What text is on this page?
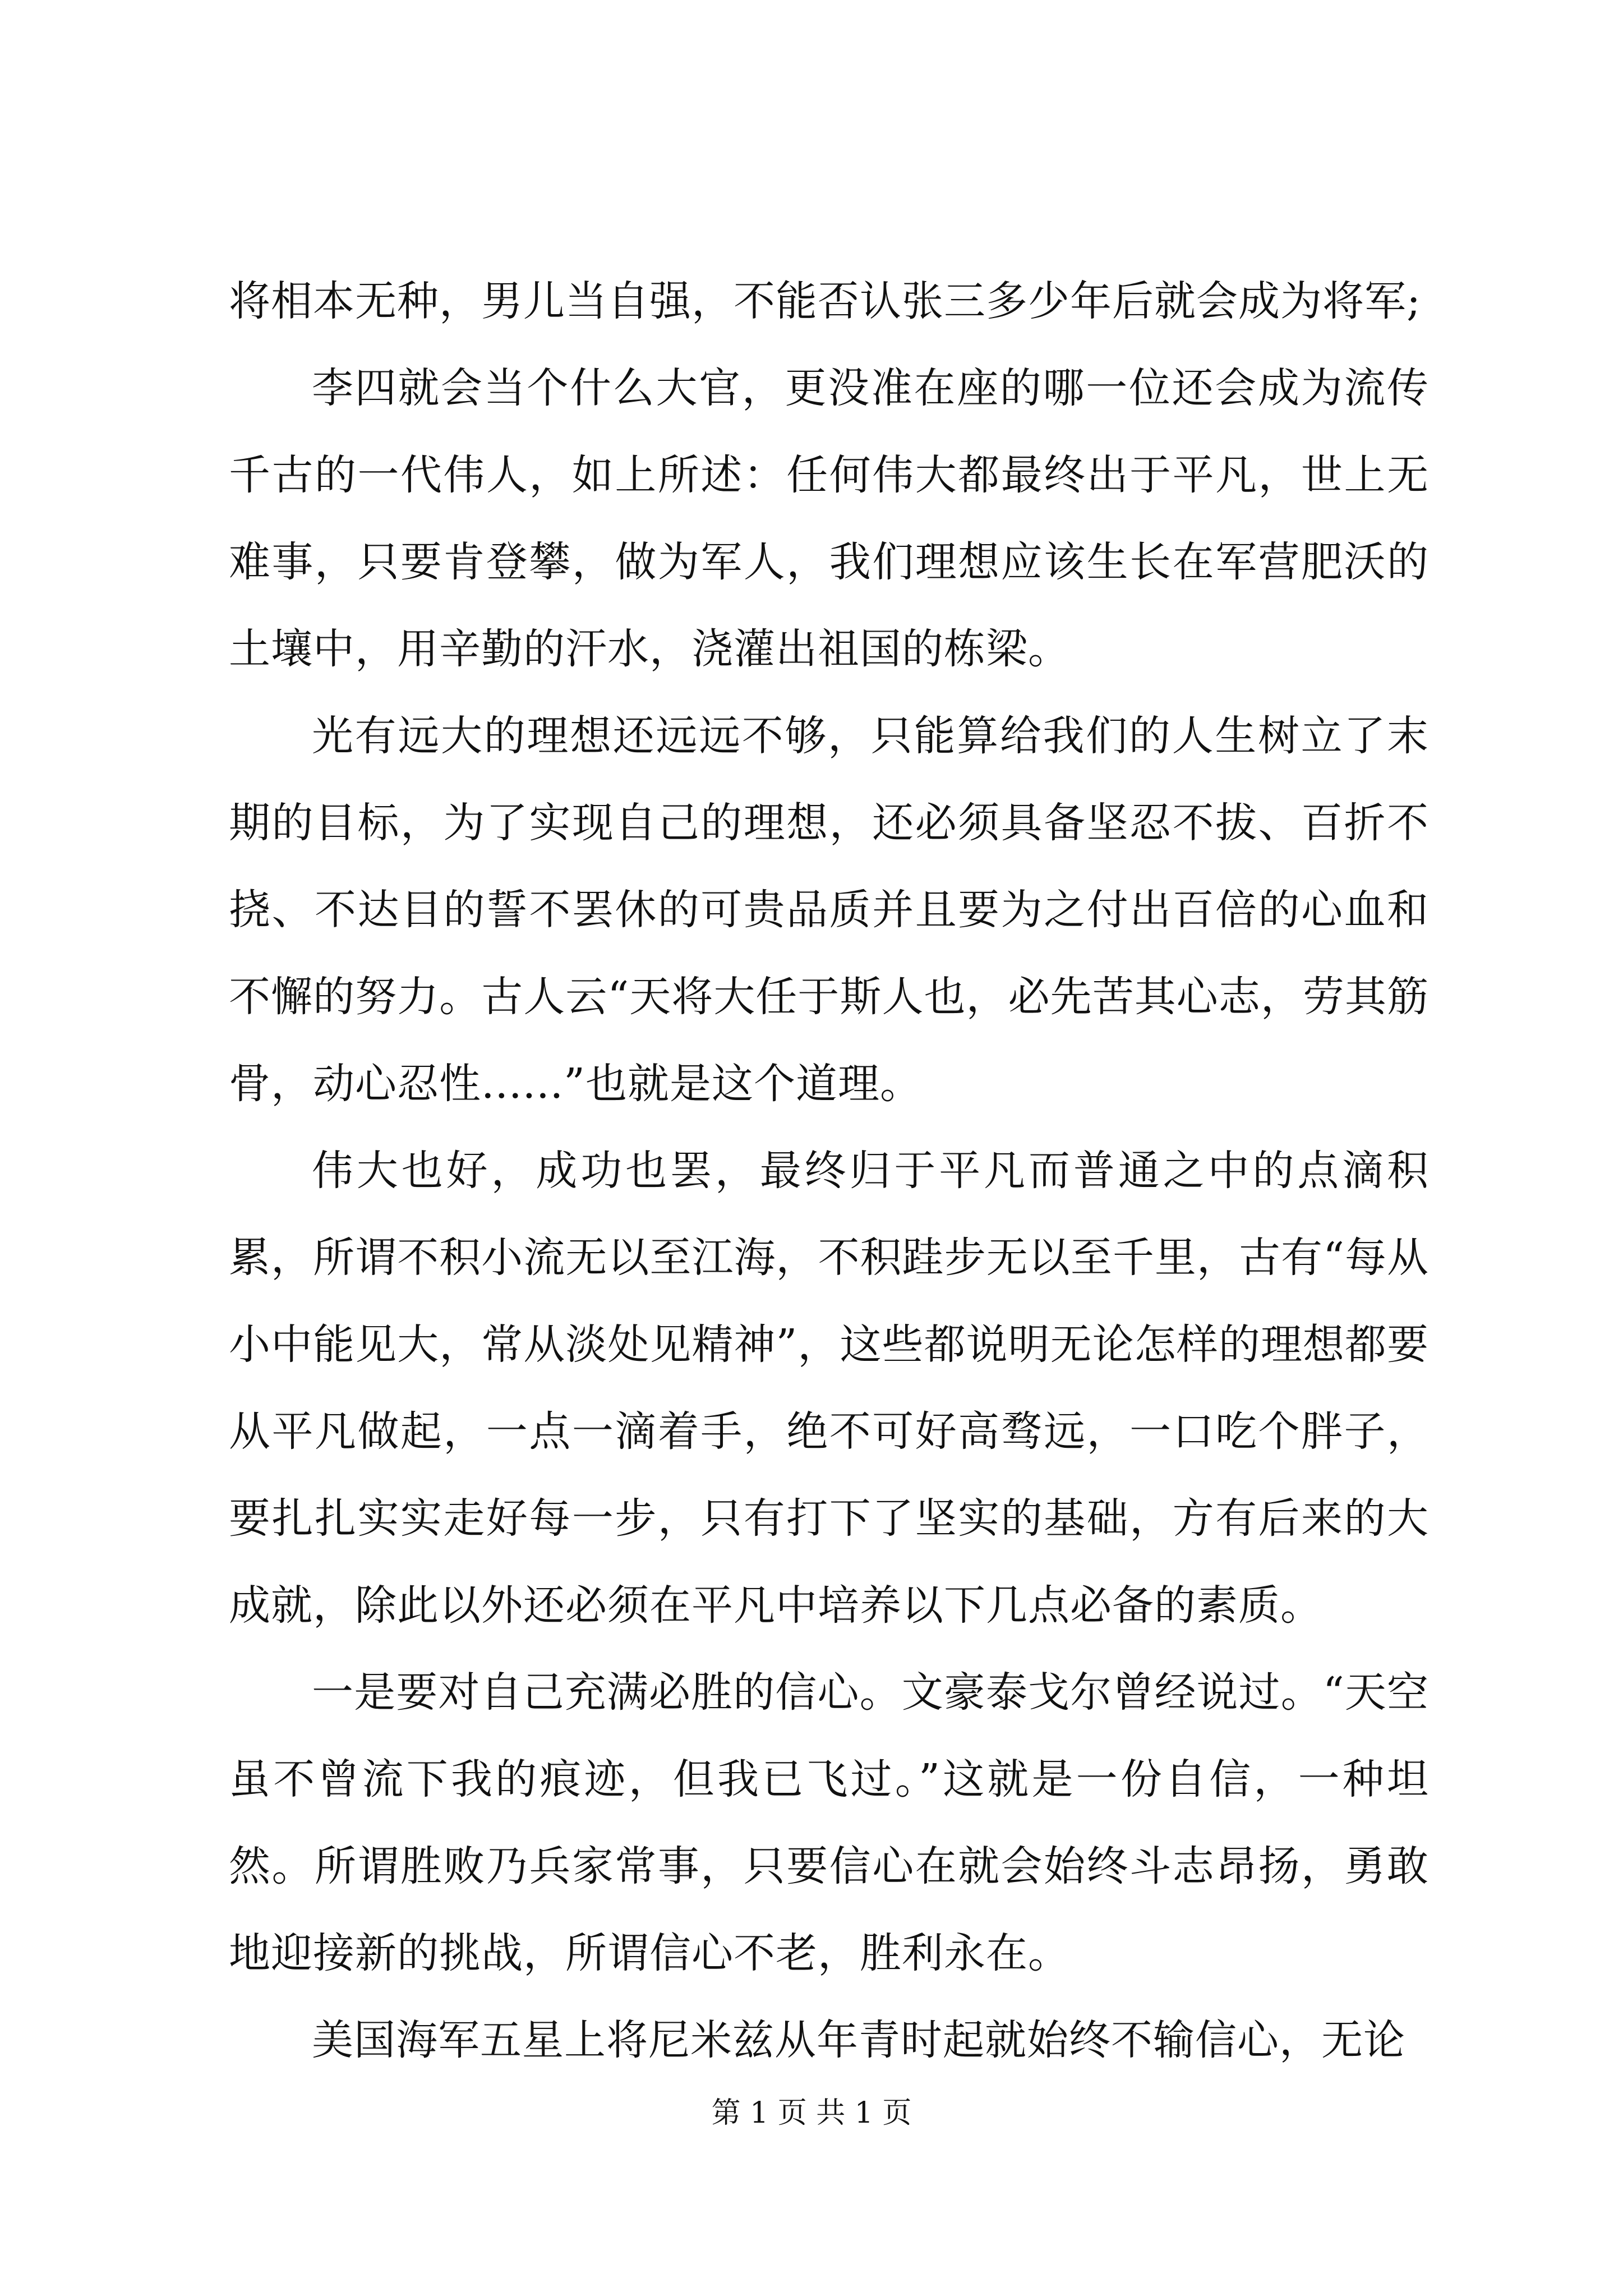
将相本无种，男儿当自强，不能否认张三多少年后就会成为将军;

李四就会当个什么大官，更没准在座的哪一位还会成为流传千古的一代伟人，如上所述：任何伟大都最终出于平凡，世上无难事，只要肯登攀，做为军人，我们理想应该生长在军营肥沃的土壤中，用辛勤的汗水，浇灌出祖国的栋梁。

光有远大的理想还远远不够，只能算给我们的人生树立了末期的目标，为了实现自己的理想，还必须具备坚忍不拔、百折不挠、不达目的誓不罢休的可贵品质并且要为之付出百倍的心血和不懈的努力。古人云“天将大任于斯人也，必先苦其心志，劳其筋骨，动心忍性......”也就是这个道理。

伟大也好，成功也罢，最终归于平凡而普通之中的点滴积累，所谓不积小流无以至江海，不积跬步无以至千里，古有“每从小中能见大，常从淡处见精神”，这些都说明无论怎样的理想都要从平凡做起，一点一滴着手，绝不可好高骛远，一口吃个胖子，要扎扎实实走好每一步，只有打下了坚实的基础，方有后来的大成就，除此以外还必须在平凡中培养以下几点必备的素质。

一是要对自己充满必胜的信心。文豪泰戈尔曾经说过。“天空虽不曾流下我的痕迹，但我已飞过。”这就是一份自信，一种坦然。所谓胜败乃兵家常事，只要信心在就会始终斗志昂扬，勇敢地迎接新的挑战，所谓信心不老，胜利永在。

美国海军五星上将尼米兹从年青时起就始终不输信心，无论

第 1 页 共 1 页
